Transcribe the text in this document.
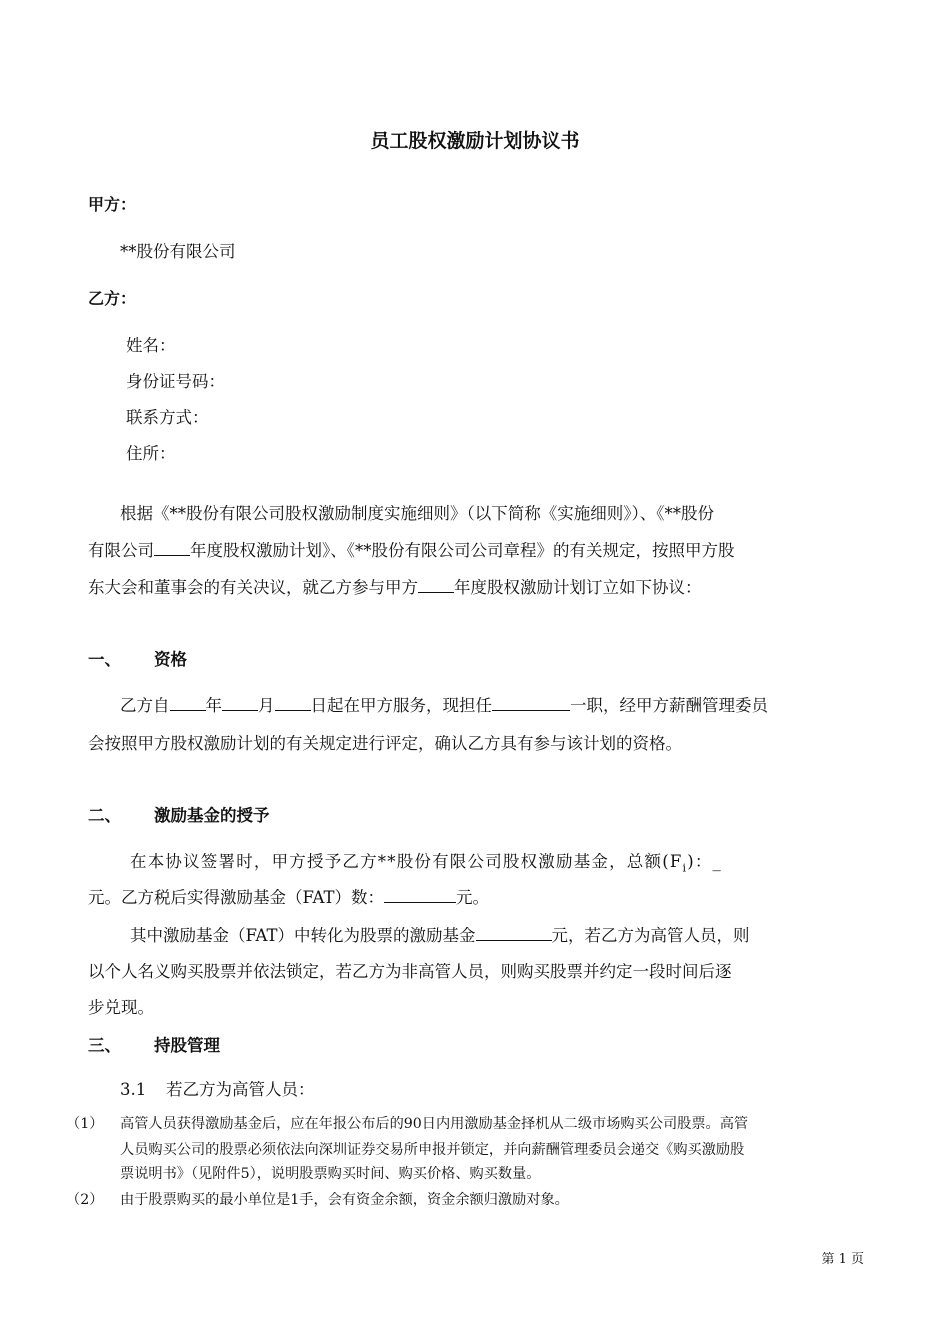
员工股权激励计划协议书
甲方：
**股份有限公司
乙方：
姓名：
身份证号码：
联系方式：
住所：
根据《**股份有限公司股权激励制度实施细则》（以下简称《实施细则》）、《**股份
有限公司 年度股权激励计划》、《**股份有限公司公司章程》的有关规定，按照甲方股
东大会和董事会的有关决议，就乙方参与甲方 年度股权激励计划订立如下协议：
一、 资格
乙方自 年 月 日起在甲方服务，现担任	一职，经甲方薪酬管理委员
会按照甲方股权激励计划的有关规定进行评定，确认乙方具有参与该计划的资格。
二、 激励基金的授予
在本协议签署时，甲方授予乙方**股份有限公司股权激励基金，总额$(F_i)$：_
元。乙方税后实得激励基金（FAT）数：	元。
其中激励基金（FAT）中转化为股票的激励基金	元，若乙方为高管人员，则
以个人名义购买股票并依法锁定，若乙方为非高管人员，则购买股票并约定一段时间后逐
步兑现。
三、 持股管理
3.1 若乙方为高管人员：
（1） 高管人员获得激励基金后，应在年报公布后的90日内用激励基金择机从二级市场购买公司股票。高管
人员购买公司的股票必须依法向深圳证券交易所申报并锁定，并向薪酬管理委员会递交《购买激励股
票说明书》（见附件5），说明股票购买时间、购买价格、购买数量。
（2） 由于股票购买的最小单位是1手，会有资金余额，资金余额归激励对象。
第 1 页
